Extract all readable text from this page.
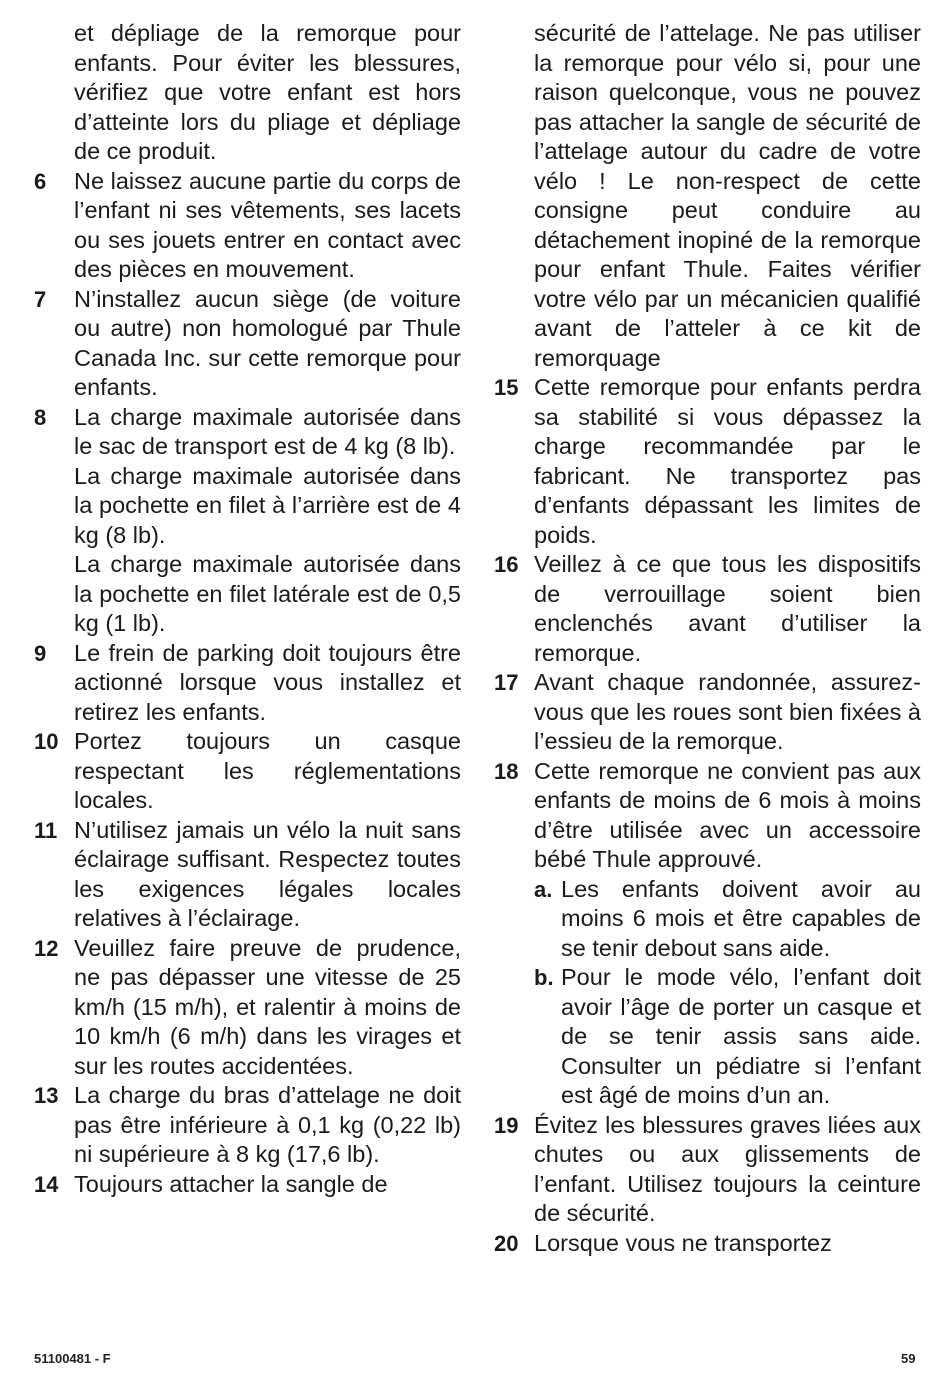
et dépliage de la remorque pour enfants. Pour éviter les blessures, vérifiez que votre enfant est hors d’atteinte lors du pliage et dépliage de ce produit.
6	Ne laissez aucune partie du corps de l’enfant ni ses vêtements, ses lacets ou ses jouets entrer en contact avec des pièces en mouvement.
7	N’installez aucun siège (de voiture ou autre) non homologué par Thule Canada Inc. sur cette remorque pour enfants.
8	La charge maximale autorisée dans le sac de transport est de 4 kg (8 lb).
La charge maximale autorisée dans la pochette en filet à l’arrière est de 4 kg (8 lb).
La charge maximale autorisée dans la pochette en filet latérale est de 0,5 kg (1 lb).
9	Le frein de parking doit toujours être actionné lorsque vous installez et retirez les enfants.
10 Portez toujours un casque respectant les réglementations locales.
11 N’utilisez jamais un vélo la nuit sans éclairage suffisant. Respectez toutes les exigences légales locales relatives à l’éclairage.
12 Veuillez faire preuve de prudence, ne pas dépasser une vitesse de 25 km/h (15 m/h), et ralentir à moins de 10 km/h (6 m/h) dans les virages et sur les routes accidentées.
13 La charge du bras d’attelage ne doit pas être inférieure à 0,1 kg (0,22 lb) ni supérieure à 8 kg (17,6 lb).
14 Toujours attacher la sangle de
sécurité de l’attelage. Ne pas utiliser la remorque pour vélo si, pour une raison quelconque, vous ne pouvez pas attacher la sangle de sécurité de l’attelage autour du cadre de votre vélo ! Le non-respect de cette consigne peut conduire au détachement inopiné de la remorque pour enfant Thule. Faites vérifier votre vélo par un mécanicien qualifié avant de l’atteler à ce kit de remorquage
15 Cette remorque pour enfants perdra sa stabilité si vous dépassez la charge recommandée par le fabricant. Ne transportez pas d’enfants dépassant les limites de poids.
16 Veillez à ce que tous les dispositifs de verrouillage soient bien enclenchés avant d’utiliser la remorque.
17 Avant chaque randonnée, assurez-vous que les roues sont bien fixées à l’essieu de la remorque.
18 Cette remorque ne convient pas aux enfants de moins de 6 mois à moins d’être utilisée avec un accessoire bébé Thule approuvé.
a. Les enfants doivent avoir au moins 6 mois et être capables de se tenir debout sans aide.
b. Pour le mode vélo, l’enfant doit avoir l’âge de porter un casque et de se tenir assis sans aide. Consulter un pédiatre si l’enfant est âgé de moins d’un an.
19 Évitez les blessures graves liées aux chutes ou aux glissements de l’enfant. Utilisez toujours la ceinture de sécurité.
20 Lorsque vous ne transportez
51100481 - F	59
